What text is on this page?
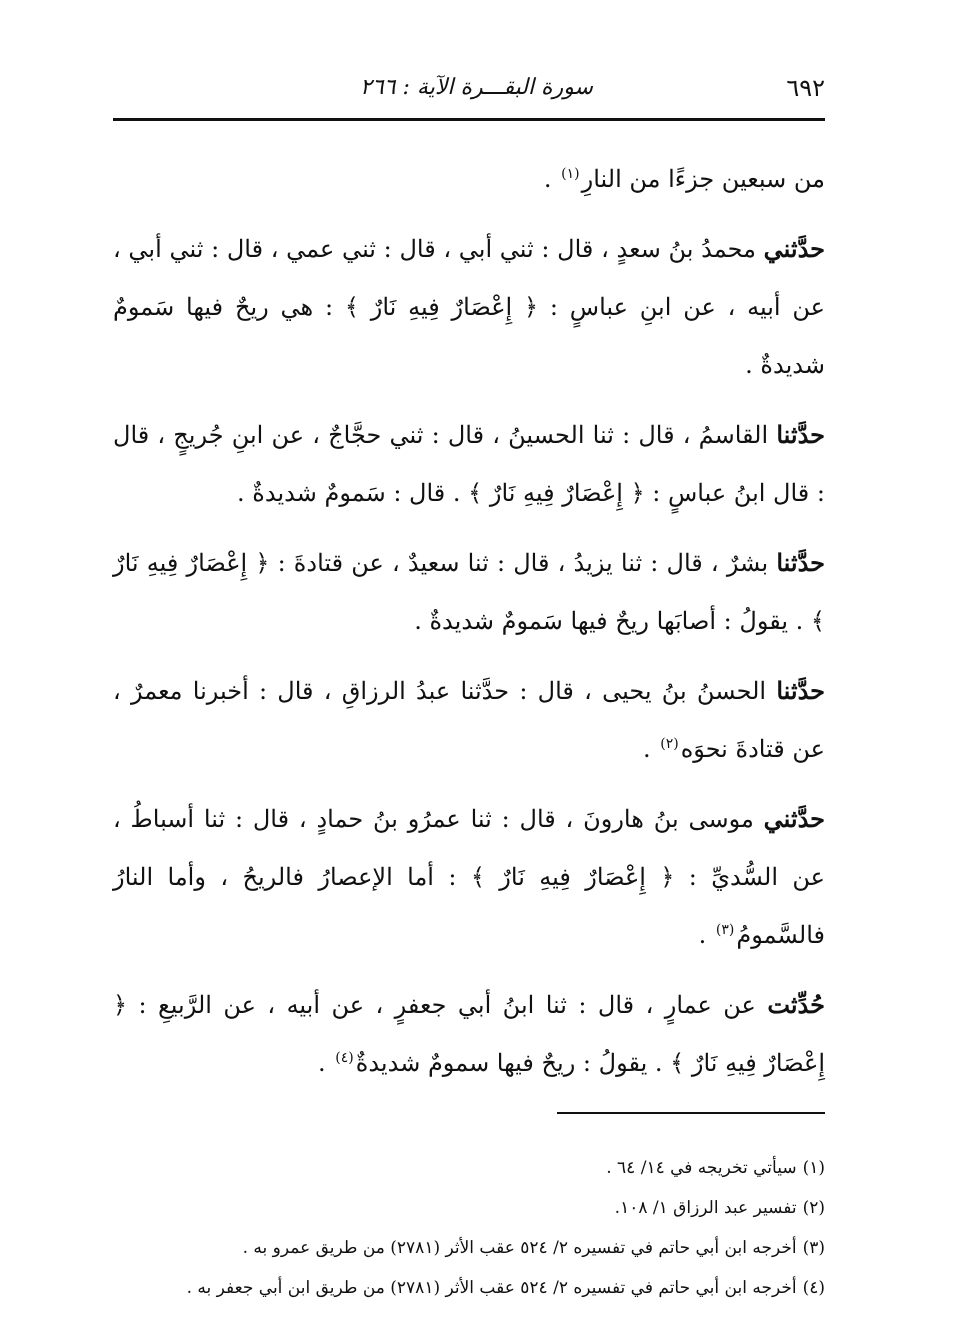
٦٩٢
سورة البقـــرة الآية : ٢٦٦

من سبعين جزءًا من النارِ$^{(١)}$ .

حدَّثني محمدُ بنُ سعدٍ ، قال : ثني أبي ، قال : ثني عمي ، قال : ثني أبي ، عن أبيه ، عن ابنِ عباسٍ : ﴿ إِعْصَارٌ فِيهِ نَارٌ ﴾ : هي ريحٌ فيها سَمومٌ شديدةٌ .

حدَّثنا القاسمُ ، قال : ثنا الحسينُ ، قال : ثني حجَّاجٌ ، عن ابنِ جُريجٍ ، قال : قال ابنُ عباسٍ : ﴿ إِعْصَارٌ فِيهِ نَارٌ ﴾ . قال : سَمومٌ شديدةٌ .

حدَّثنا بشرٌ ، قال : ثنا يزيدُ ، قال : ثنا سعيدٌ ، عن قتادةَ : ﴿ إِعْصَارٌ فِيهِ نَارٌ ﴾ . يقولُ : أصابَها ريحٌ فيها سَمومٌ شديدةٌ .

حدَّثنا الحسنُ بنُ يحيى ، قال : حدَّثنا عبدُ الرزاقِ ، قال : أخبرنا معمرٌ ، عن قتادةَ نحوَه$^{(٢)}$ .

حدَّثني موسى بنُ هارونَ ، قال : ثنا عمرُو بنُ حمادٍ ، قال : ثنا أسباطُ ، عن السُّديِّ : ﴿ إِعْصَارٌ فِيهِ نَارٌ ﴾ : أما الإعصارُ فالريحُ ، وأما النارُ فالسَّمومُ$^{(٣)}$ .

حُدِّثت عن عمارٍ ، قال : ثنا ابنُ أبي جعفرٍ ، عن أبيه ، عن الرَّبيعِ : ﴿ إِعْصَارٌ فِيهِ نَارٌ ﴾ . يقولُ : ريحٌ فيها سمومٌ شديدةٌ$^{(٤)}$ .

(١)سيأتي تخريجه في ١٤/ ٦٤ .

(٢)تفسير عبد الرزاق ١/ ١٠٨.

(٣)أخرجه ابن أبي حاتم في تفسيره ٢/ ٥٢٤ عقب الأثر (٢٧٨١) من طريق عمرو به .

(٤)أخرجه ابن أبي حاتم في تفسيره ٢/ ٥٢٤ عقب الأثر (٢٧٨١) من طريق ابن أبي جعفر به .
